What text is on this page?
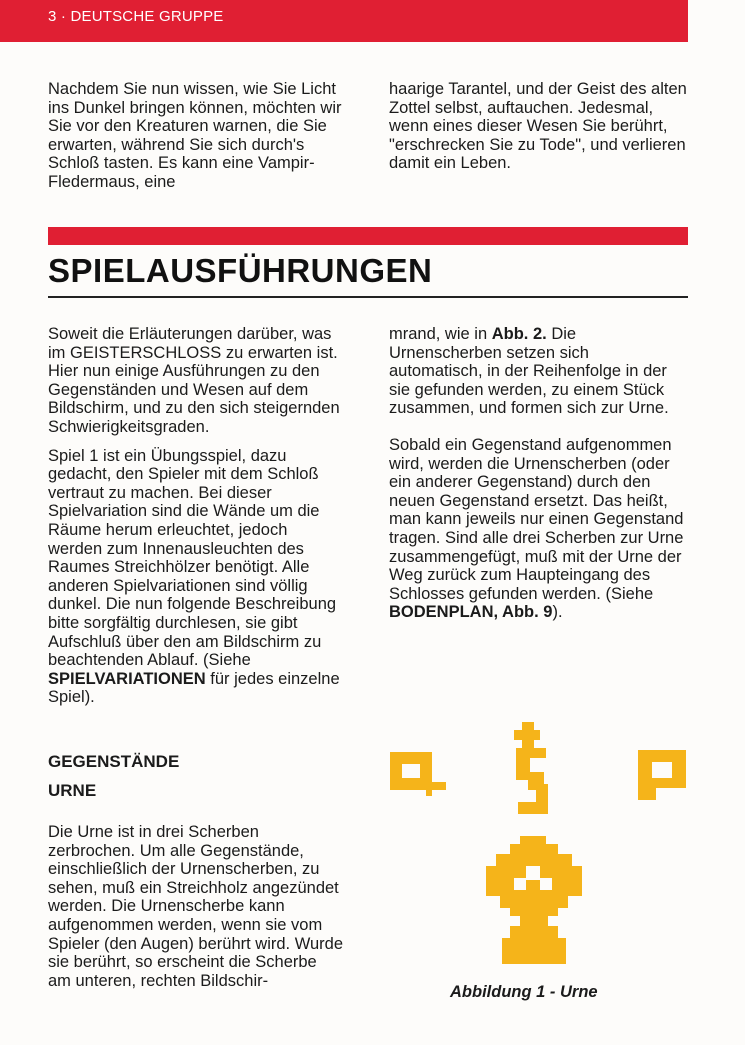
3 · DEUTSCHE GRUPPE

Nachdem Sie nun wissen, wie Sie Licht ins Dunkel bringen können, möchten wir Sie vor den Kreaturen warnen, die Sie erwarten, während Sie sich durch's Schloß tasten. Es kann eine Vampir-Fledermaus, eine

haarige Tarantel, und der Geist des alten Zottel selbst, auftauchen. Jedesmal, wenn eines dieser Wesen Sie berührt, "erschrecken Sie zu Tode", und verlieren damit ein Leben.

SPIELAUSFÜHRUNGEN

Soweit die Erläuterungen darüber, was im GEISTERSCHLOSS zu erwarten ist. Hier nun einige Ausführungen zu den Gegenständen und Wesen auf dem Bildschirm, und zu den sich steigernden Schwierigkeitsgraden.

Spiel 1 ist ein Übungsspiel, dazu gedacht, den Spieler mit dem Schloß vertraut zu machen. Bei dieser Spielvariation sind die Wände um die Räume herum erleuchtet, jedoch werden zum Innenausleuchten des Raumes Streichhölzer benötigt. Alle anderen Spielvariationen sind völlig dunkel. Die nun folgende Beschreibung bitte sorgfältig durchlesen, sie gibt Aufschluß über den am Bildschirm zu beachtenden Ablauf. (Siehe SPIELVARIATIONEN für jedes einzelne Spiel).

GEGENSTÄNDE
URNE

Die Urne ist in drei Scherben zerbrochen. Um alle Gegenstände, einschließlich der Urnenscherben, zu sehen, muß ein Streichholz angezündet werden. Die Urnenscherbe kann aufgenommen werden, wenn sie vom Spieler (den Augen) berührt wird. Wurde sie berührt, so erscheint die Scherbe am unteren, rechten Bildschir-

mrand, wie in Abb. 2. Die Urnenscherben setzen sich automatisch, in der Reihenfolge in der sie gefunden werden, zu einem Stück zusammen, und formen sich zur Urne.

Sobald ein Gegenstand aufgenommen wird, werden die Urnenscherben (oder ein anderer Gegenstand) durch den neuen Gegenstand ersetzt. Das heißt, man kann jeweils nur einen Gegenstand tragen. Sind alle drei Scherben zur Urne zusammengefügt, muß mit der Urne der Weg zurück zum Haupteingang des Schlosses gefunden werden. (Siehe BODENPLAN, Abb. 9).

Abbildung 1 - Urne
